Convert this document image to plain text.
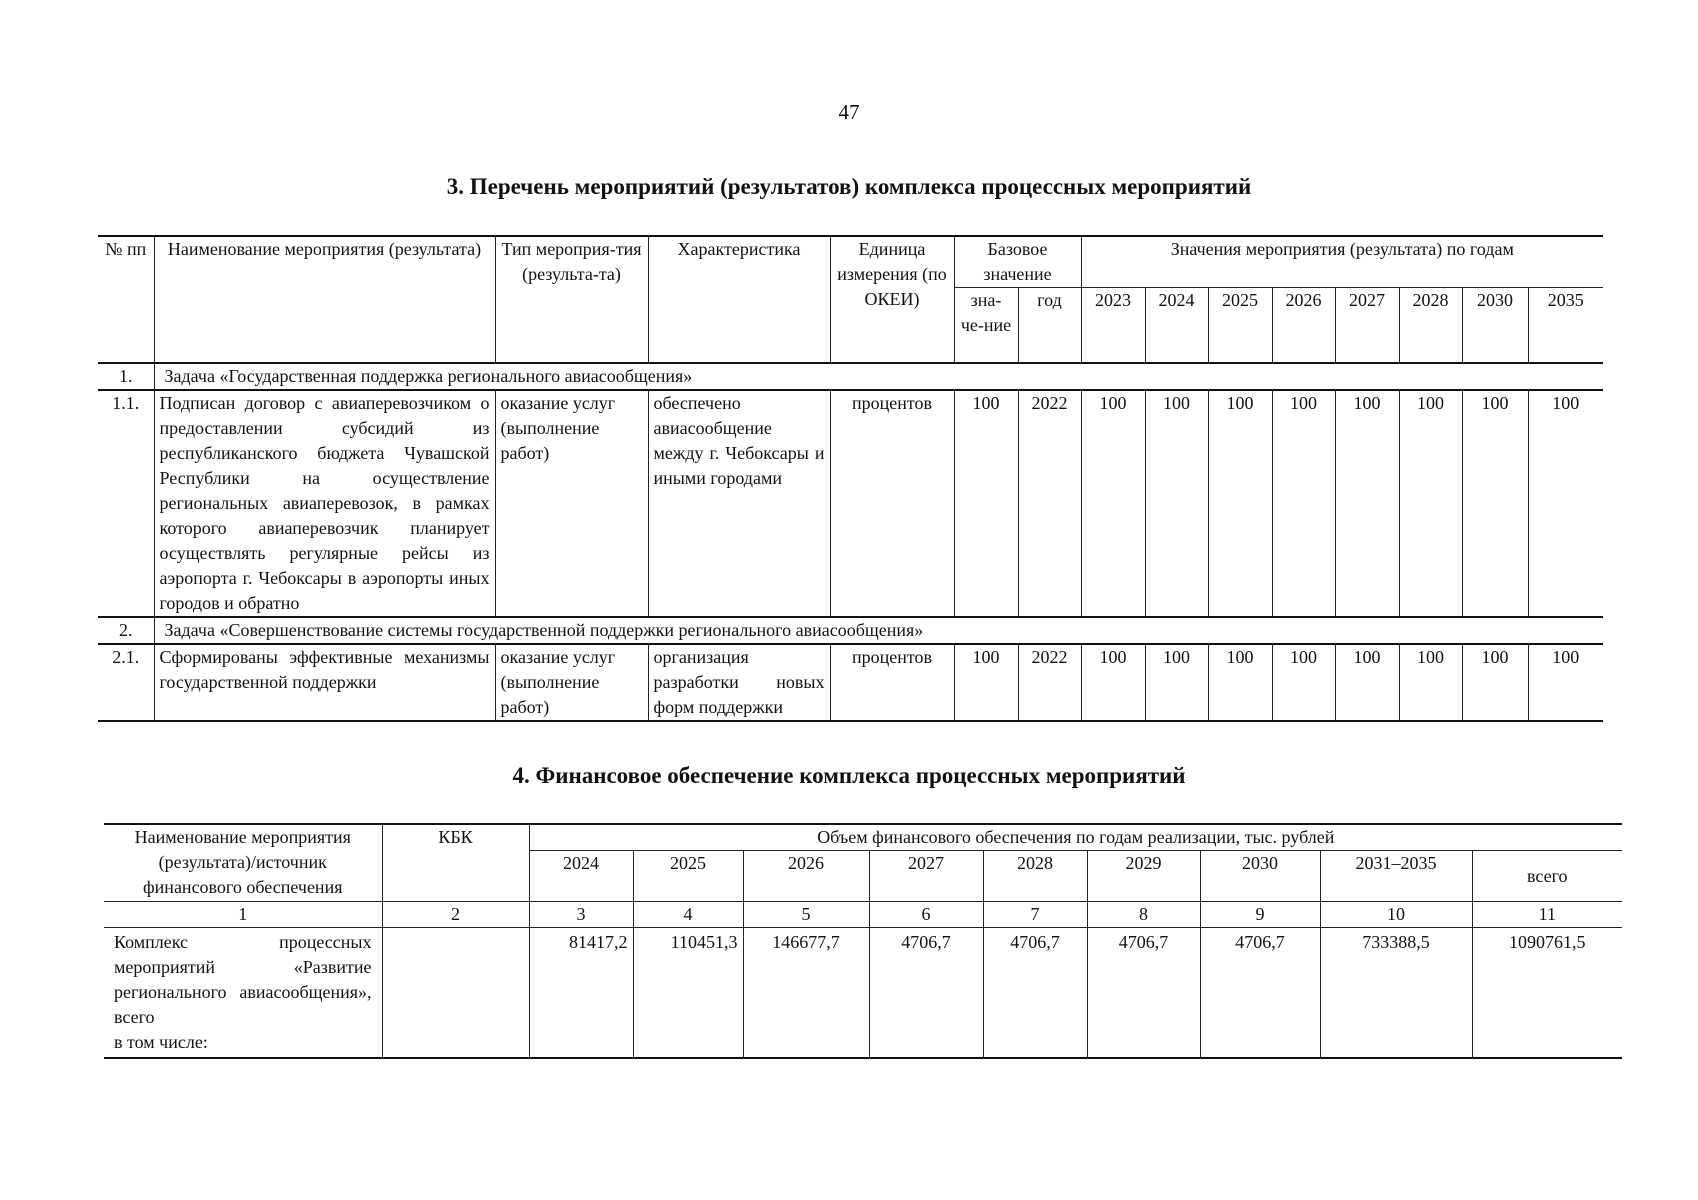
47
3. Перечень мероприятий (результатов) комплекса процессных мероприятий
№ пп	Наименование мероприятия (результата)	Тип мероприя-тия (результа-та)	Характеристика	Единица измерения (по ОКЕИ)	Базовое значение		Значения мероприятия (результата) по годам							
					зна-че-ние	год	2023	2024	2025	2026	2027	2028	2030	2035
1.	Задача «Государственная поддержка регионального авиасообщения»													
1.1.	Подписан договор с авиаперевозчиком о предоставлении субсидий из республиканского бюджета Чувашской Республики на осуществление региональных авиаперевозок, в рамках которого авиаперевозчик планирует осуществлять регулярные рейсы из аэропорта г. Чебоксары в аэропорты иных городов и обратно	оказание услуг (выполнение работ)	обеспечено авиасообщение между г. Чебоксары и иными городами	процентов	100	2022	100	100	100	100	100	100	100	100
2.	Задача «Совершенствование системы государственной поддержки регионального авиасообщения»													
2.1.	Сформированы эффективные механизмы государственной поддержки	оказание услуг (выполнение работ)	организация разработки новых форм поддержки	процентов	100	2022	100	100	100	100	100	100	100	100
4. Финансовое обеспечение комплекса процессных мероприятий
Наименование мероприятия (результата)/источник финансового обеспечения	КБК	Объем финансового обеспечения по годам реализации, тыс. рублей								
		2024	2025	2026	2027	2028	2029	2030	2031–2035	всего
1	2	3	4	5	6	7	8	9	10	11

Комплекс процессных мероприятий «Развитие регионального авиасообщения», всего
в том числе:		81417,2	110451,3	146677,7	4706,7	4706,7	4706,7	4706,7	733388,5	1090761,5
